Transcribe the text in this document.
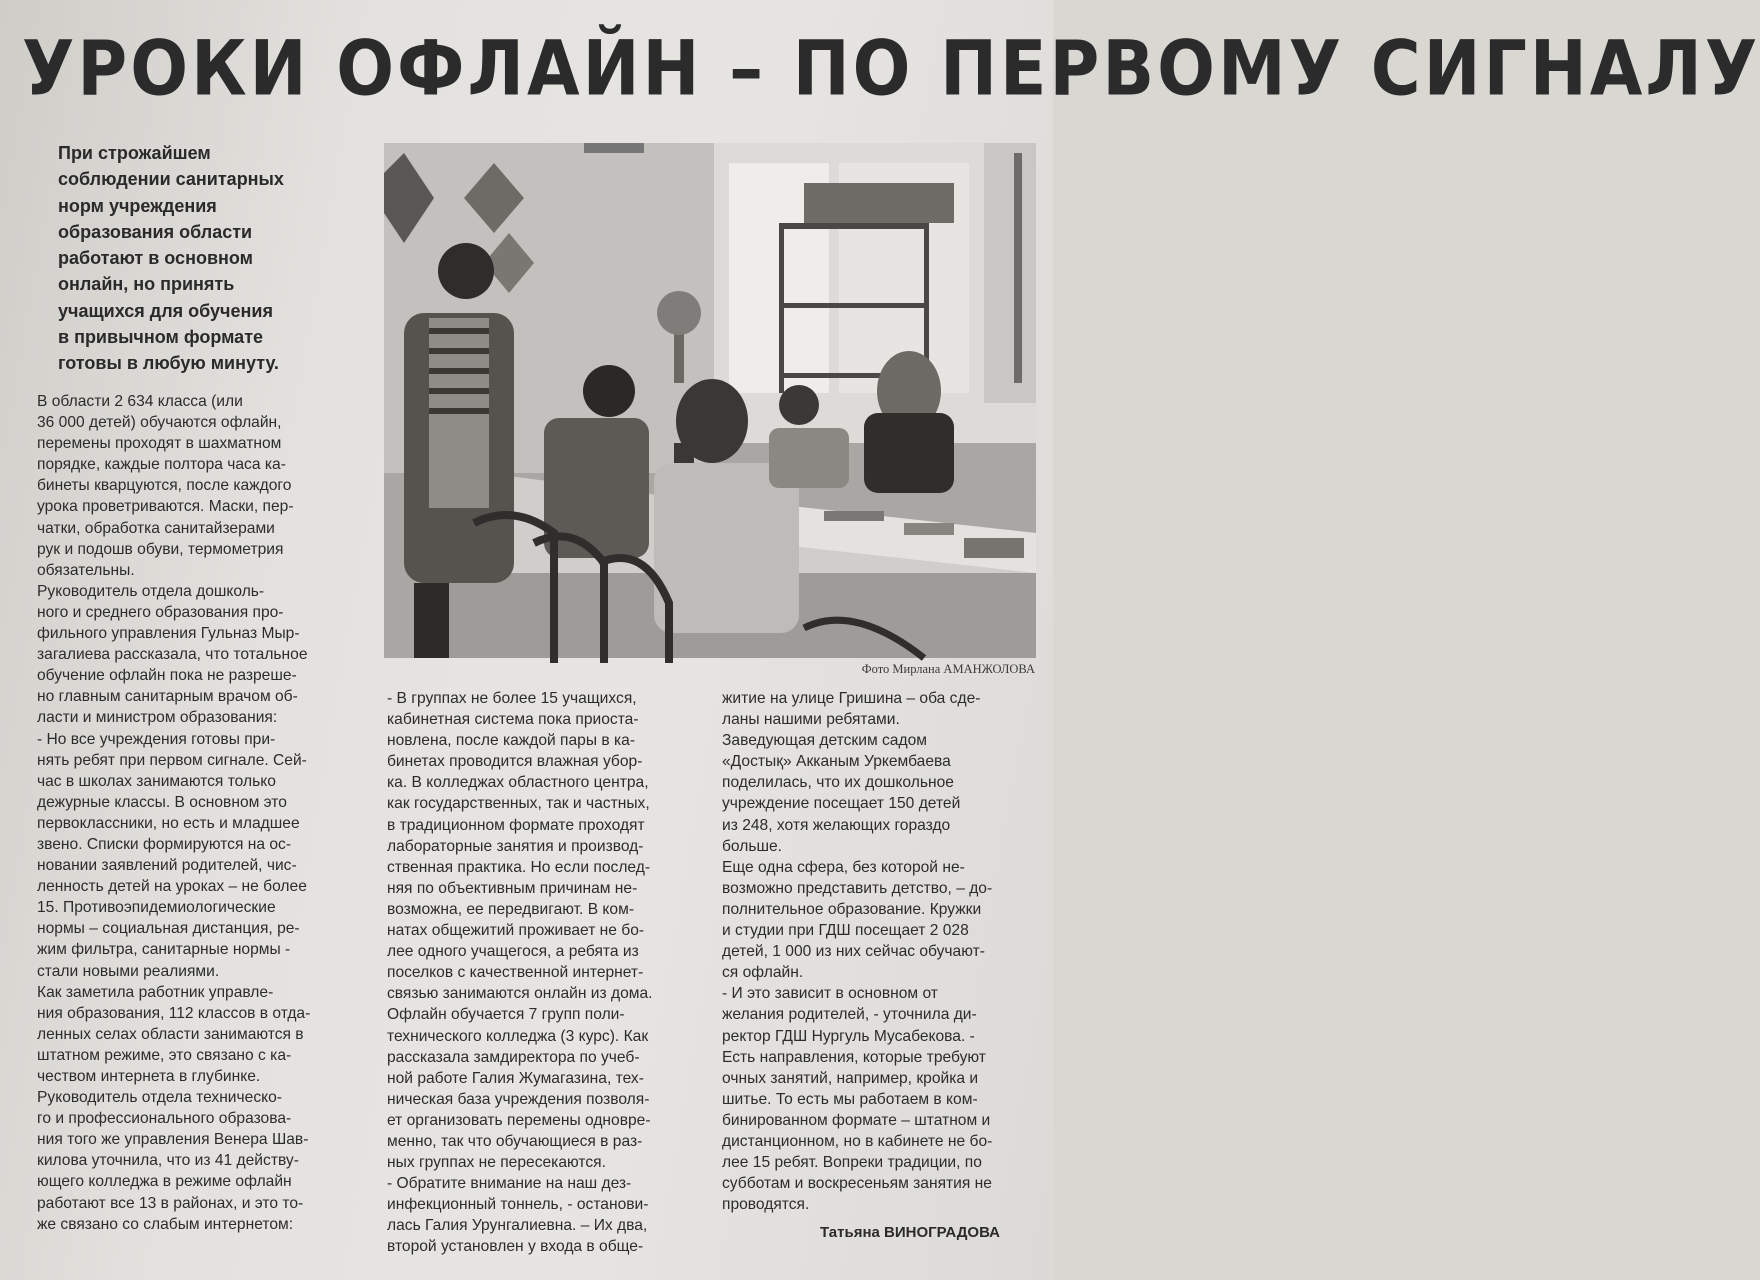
УРОКИ ОФЛАЙН – ПО ПЕРВОМУ СИГНАЛУ
При строжайшем
соблюдении санитарных
норм учреждения
образования области
работают в основном
онлайн, но принять
учащихся для обучения
в привычном формате
готовы в любую минуту.
Фото Мирлана АМАНЖОЛОВА
В области 2 634 класса (или
36 000 детей) обучаются офлайн,
перемены проходят в шахматном
порядке, каждые полтора часа ка-
бинеты кварцуются, после каждого
урока проветриваются. Маски, пер-
чатки, обработка санитайзерами
рук и подошв обуви, термометрия
обязательны.
Руководитель отдела дошколь-
ного и среднего образования про-
фильного управления Гульназ Мыр-
загалиева рассказала, что тотальное
обучение офлайн пока не разреше-
но главным санитарным врачом об-
ласти и министром образования:
- Но все учреждения готовы при-
нять ребят при первом сигнале. Сей-
час в школах занимаются только
дежурные классы. В основном это
первоклассники, но есть и младшее
звено. Списки формируются на ос-
новании заявлений родителей, чис-
ленность детей на уроках – не более
15. Противоэпидемиологические
нормы – социальная дистанция, ре-
жим фильтра, санитарные нормы -
стали новыми реалиями.
Как заметила работник управле-
ния образования, 112 классов в отда-
ленных селах области занимаются в
штатном режиме, это связано с ка-
чеством интернета в глубинке.
Руководитель отдела техническо-
го и профессионального образова-
ния того же управления Венера Шав-
килова уточнила, что из 41 действу-
ющего колледжа в режиме офлайн
работают все 13 в районах, и это то-
же связано со слабым интернетом:
- В группах не более 15 учащихся,
кабинетная система пока приоста-
новлена, после каждой пары в ка-
бинетах проводится влажная убор-
ка. В колледжах областного центра,
как государственных, так и частных,
в традиционном формате проходят
лабораторные занятия и производ-
ственная практика. Но если послед-
няя по объективным причинам не-
возможна, ее передвигают. В ком-
натах общежитий проживает не бо-
лее одного учащегося, а ребята из
поселков с качественной интернет-
связью занимаются онлайн из дома.
Офлайн обучается 7 групп поли-
технического колледжа (3 курс). Как
рассказала замдиректора по учеб-
ной работе Галия Жумагазина, тех-
ническая база учреждения позволя-
ет организовать перемены одновре-
менно, так что обучающиеся в раз-
ных группах не пересекаются.
- Обратите внимание на наш дез-
инфекционный тоннель, - останови-
лась Галия Урунгалиевна. – Их два,
второй установлен у входа в обще-
житие на улице Гришина – оба сде-
ланы нашими ребятами.
Заведующая детским садом
«Достық» Акканым Уркембаева
поделилась, что их дошкольное
учреждение посещает 150 детей
из 248, хотя желающих гораздо
больше.
Еще одна сфера, без которой не-
возможно представить детство, – до-
полнительное образование. Кружки
и студии при ГДШ посещает 2 028
детей, 1 000 из них сейчас обучают-
ся офлайн.
- И это зависит в основном от
желания родителей, - уточнила ди-
ректор ГДШ Нургуль Мусабекова. -
Есть направления, которые требуют
очных занятий, например, кройка и
шитье. То есть мы работаем в ком-
бинированном формате – штатном и
дистанционном, но в кабинете не бо-
лее 15 ребят. Вопреки традиции, по
субботам и воскресеньям занятия не
проводятся.
Татьяна ВИНОГРАДОВА
